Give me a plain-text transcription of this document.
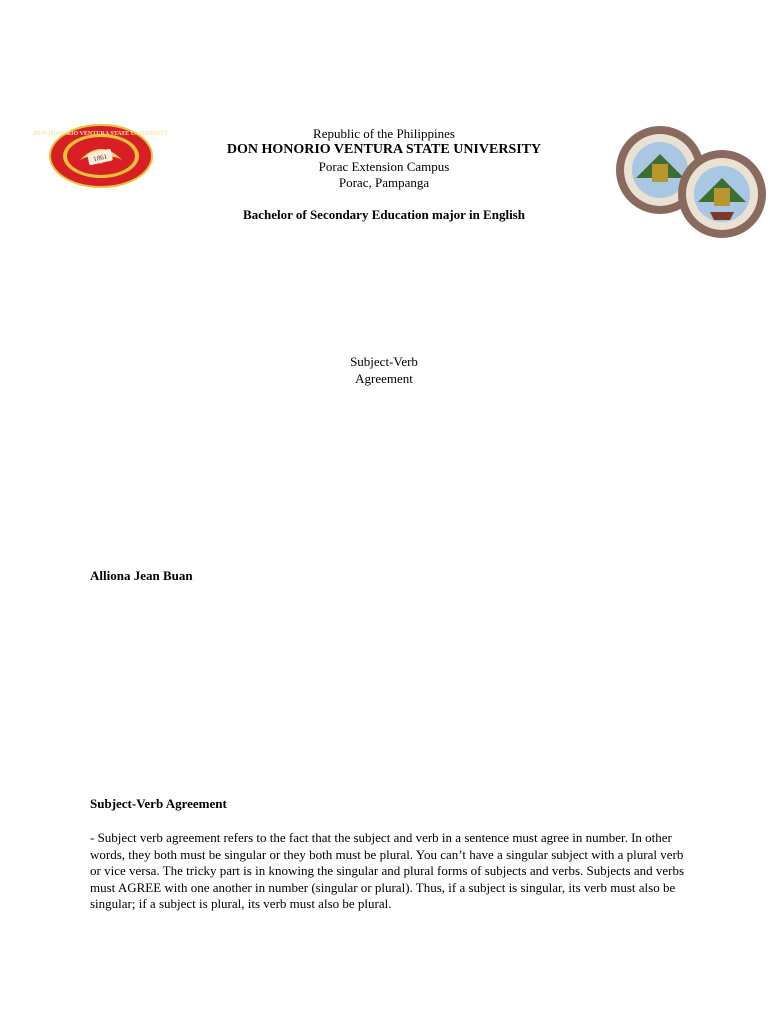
1861
DON HONORIO VENTURA STATE UNIVERSITY	Republic of the Philippines
DON HONORIO VENTURA STATE UNIVERSITY
Porac Extension Campus
Porac, Pampanga
Bachelor of Secondary Education major in English
Subject-Verb
Agreement
Alliona Jean Buan
Subject-Verb Agreement
- Subject verb agreement refers to the fact that the subject and verb in a sentence must agree in number. In other words, they both must be singular or they both must be plural. You can’t have a singular subject with a plural verb or vice versa. The tricky part is in knowing the singular and plural forms of subjects and verbs. Subjects and verbs must AGREE with one another in number (singular or plural). Thus, if a subject is singular, its verb must also be singular; if a subject is plural, its verb must also be plural.
